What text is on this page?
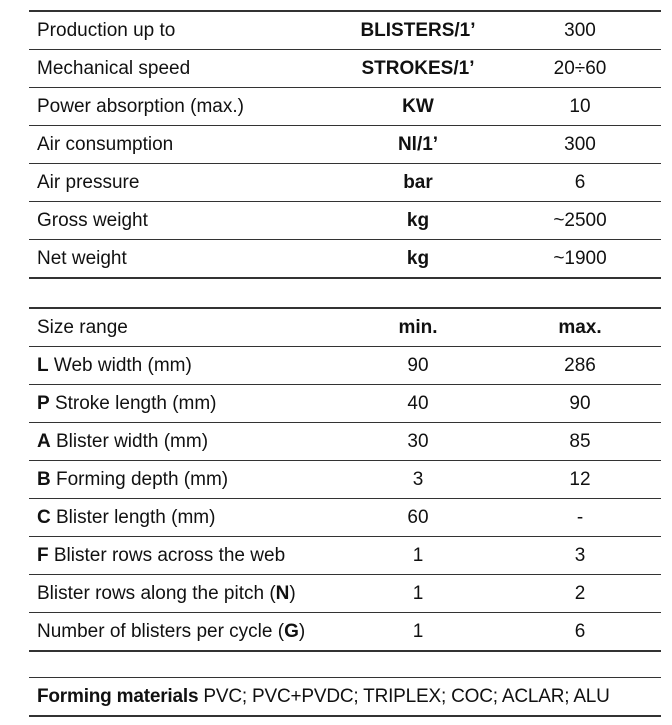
Production up to	BLISTERS/1’	300
Mechanical speed	STROKES/1’	20÷60
Power absorption (max.)	KW	10
Air consumption	Nl/1’	300
Air pressure	bar	6
Gross weight	kg	~2500
Net weight	kg	~1900
Size range	min.	max.
L Web width (mm)	90	286
P Stroke length (mm)	40	90
A Blister width (mm)	30	85
B Forming depth (mm)	3	12
C Blister length (mm)	60	-
F Blister rows across the web	1	3
Blister rows along the pitch (N)	1	2
Number of blisters per cycle (G)	1	6
Forming materials PVC; PVC+PVDC; TRIPLEX; COC; ACLAR; ALU
